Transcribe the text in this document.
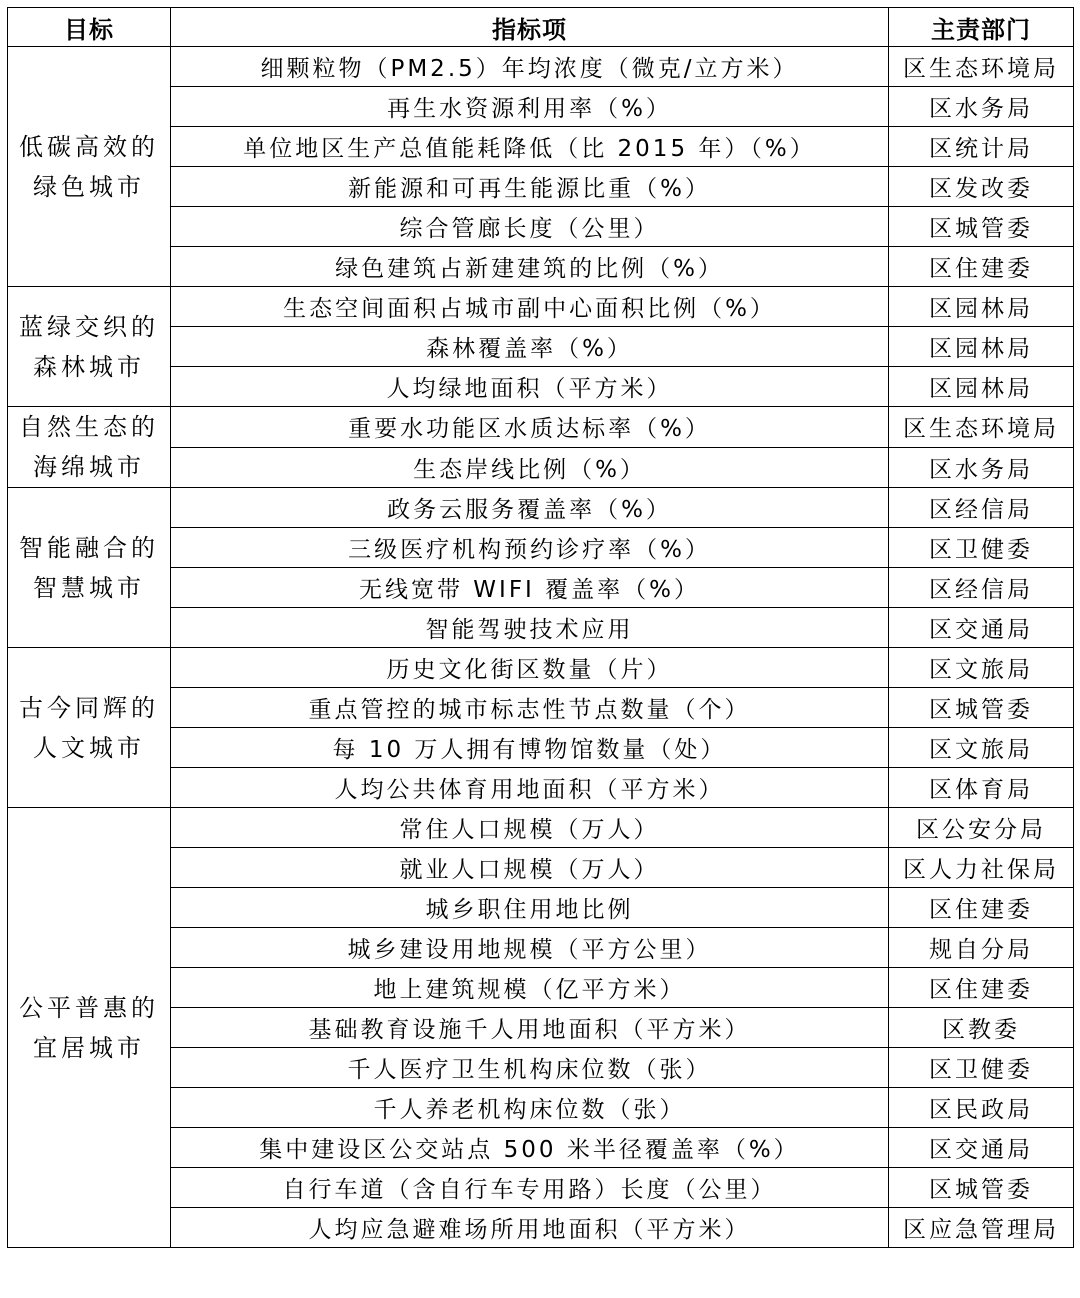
目标	指标项	主责部门

低碳高效的
绿色城市	细颗粒物（PM2.5）年均浓度（微克/立方米）	区生态环境局
	再生水资源利用率（%）	区水务局
	单位地区生产总值能耗降低（比 2015 年）（%）	区统计局
	新能源和可再生能源比重（%）	区发改委
	综合管廊长度（公里）	区城管委
	绿色建筑占新建建筑的比例（%）	区住建委

蓝绿交织的
森林城市	生态空间面积占城市副中心面积比例（%）	区园林局
	森林覆盖率（%）	区园林局
	人均绿地面积（平方米）	区园林局

自然生态的
海绵城市	重要水功能区水质达标率（%）	区生态环境局
	生态岸线比例（%）	区水务局

智能融合的
智慧城市	政务云服务覆盖率（%）	区经信局
	三级医疗机构预约诊疗率（%）	区卫健委
	无线宽带 WIFI 覆盖率（%）	区经信局
	智能驾驶技术应用	区交通局

古今同辉的
人文城市	历史文化街区数量（片）	区文旅局
	重点管控的城市标志性节点数量（个）	区城管委
	每 10 万人拥有博物馆数量（处）	区文旅局
	人均公共体育用地面积（平方米）	区体育局

公平普惠的
宜居城市	常住人口规模（万人）	区公安分局
	就业人口规模（万人）	区人力社保局
	城乡职住用地比例	区住建委
	城乡建设用地规模（平方公里）	规自分局
	地上建筑规模（亿平方米）	区住建委
	基础教育设施千人用地面积（平方米）	区教委
	千人医疗卫生机构床位数（张）	区卫健委
	千人养老机构床位数（张）	区民政局
	集中建设区公交站点 500 米半径覆盖率（%）	区交通局
	自行车道（含自行车专用路）长度（公里）	区城管委
	人均应急避难场所用地面积（平方米）	区应急管理局
